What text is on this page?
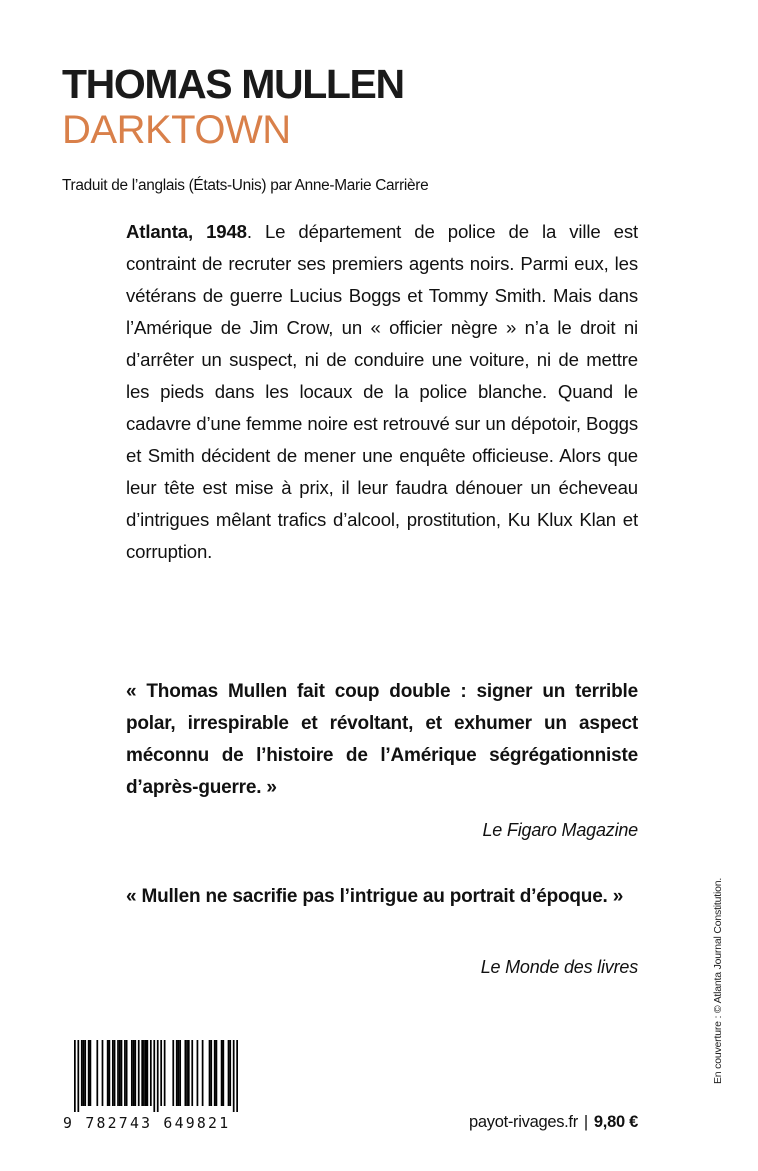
THOMAS MULLEN
DARKTOWN
Traduit de l’anglais (États-Unis) par Anne-Marie Carrière

Atlanta, 1948. Le département de police de la ville est contraint de recruter ses premiers agents noirs. Parmi eux, les vétérans de guerre Lucius Boggs et Tommy Smith. Mais dans l’Amérique de Jim Crow, un « officier nègre » n’a le droit ni d’arrêter un suspect, ni de conduire une voiture, ni de mettre les pieds dans les locaux de la police blanche. Quand le cadavre d’une femme noire est retrouvé sur un dépotoir, Boggs et Smith décident de mener une enquête officieuse. Alors que leur tête est mise à prix, il leur faudra dénouer un écheveau d’intrigues mêlant trafics d’alcool, prostitution, Ku Klux Klan et corruption.

« Thomas Mullen fait coup double : signer un terrible polar, irrespirable et révoltant, et exhumer un aspect méconnu de l’histoire de l’Amérique ségrégationniste d’après-guerre. »

Le Figaro Magazine

« Mullen ne sacrifie pas l’intrigue au portrait d’époque. »

Le Monde des livres	En couverture : © Atlanta Journal Constitution.
9 782743 649821	payot-rivages.fr | 9,80 €
